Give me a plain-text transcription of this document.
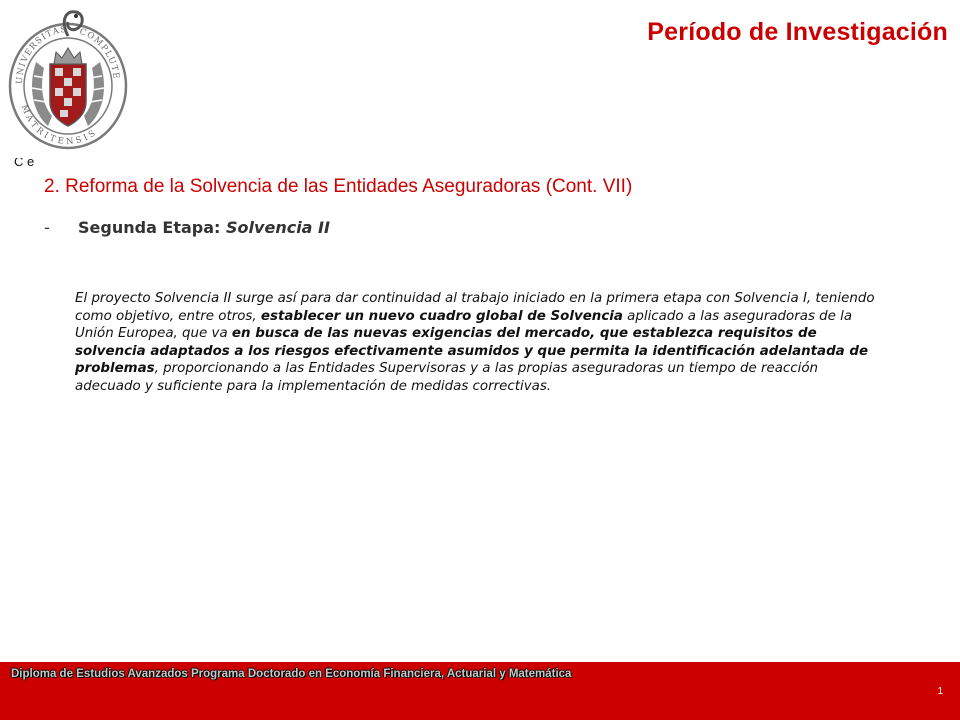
UNIVERSITAS · COMPLUTE
MATRITENSIS
Período de Investigación
C e
2. Reforma de la Solvencia de las Entidades Aseguradoras (Cont. VII)
- Segunda Etapa: Solvencia II
El proyecto Solvencia II surge así para dar continuidad al trabajo iniciado en la primera etapa con Solvencia I, teniendo como objetivo, entre otros, establecer un nuevo cuadro global de Solvencia aplicado a las aseguradoras de la Unión Europea, que va en busca de las nuevas exigencias del mercado, que establezca requisitos de solvencia adaptados a los riesgos efectivamente asumidos y que permita la identificación adelantada de problemas, proporcionando a las Entidades Supervisoras y a las propias aseguradoras un tiempo de reacción adecuado y suficiente para la implementación de medidas correctivas.
Diploma de Estudios Avanzados Programa Doctorado en Economía Financiera, Actuarial y Matemática
1
